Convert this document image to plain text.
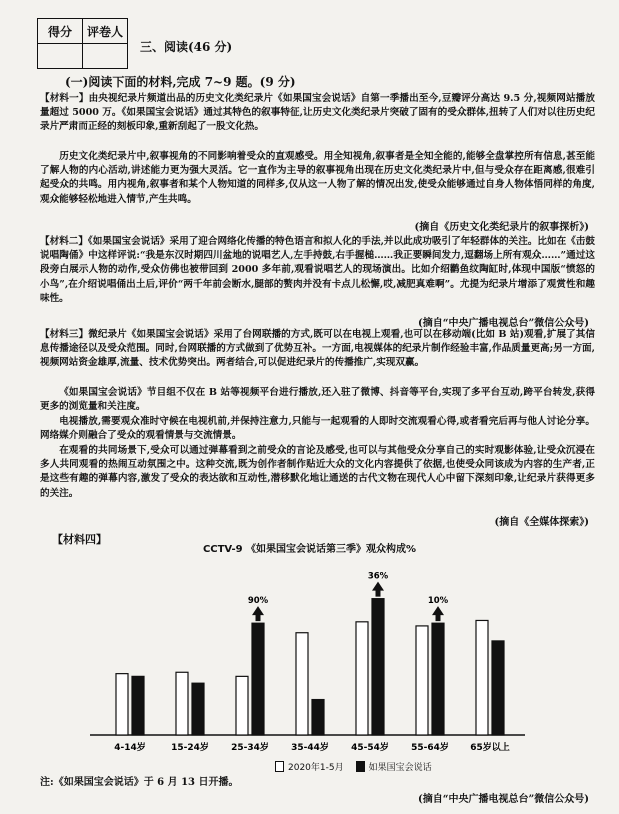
得分	评卷人

三、阅读(46 分)
(一)阅读下面的材料,完成 7~9 题。(9 分)

【材料一】由央视纪录片频道出品的历史文化类纪录片《如果国宝会说话》自第一季播出至今,豆瓣评分高达 9.5 分,视频网站播放量超过 5000 万。《如果国宝会说话》通过其特色的叙事特征,让历史文化类纪录片突破了固有的受众群体,扭转了人们对以往历史纪录片严肃而正经的刻板印象,重新刮起了一股文化热。

历史文化类纪录片中,叙事视角的不同影响着受众的直观感受。用全知视角,叙事者是全知全能的,能够全盘掌控所有信息,甚至能了解人物的内心活动,讲述能力更为强大灵活。它一直作为主导的叙事视角出现在历史文化类纪录片中,但与受众存在距离感,很难引起受众的共鸣。用内视角,叙事者和某个人物知道的同样多,仅从这一人物了解的情况出发,使受众能够通过自身人物体悟同样的角度,观众能够轻松地进入情节,产生共鸣。

(摘自《历史文化类纪录片的叙事探析》)

【材料二】《如果国宝会说话》采用了迎合网络化传播的特色语言和拟人化的手法,并以此成功吸引了年轻群体的关注。比如在《击鼓说唱陶俑》中这样评说:“我是东汉时期四川盆地的说唱艺人,左手持鼓,右手握槌……我正要瞬间发力,逗翻场上所有观众……”通过这段旁白展示人物的动作,受众仿佛也被带回到 2000 多年前,观看说唱艺人的现场演出。比如介绍鹳鱼纹陶缸时,体现中国版“愤怒的小鸟”,在介绍说唱俑出土后,评价“两千年前会断水,腿部的赘肉并没有卡点儿松懈,哎,减肥真难啊”。尤提为纪录片增添了观赏性和趣味性。

(摘自“中央广播电视总台”微信公众号)

【材料三】微纪录片《如果国宝会说话》采用了台网联播的方式,既可以在电视上观看,也可以在移动端(比如 B 站)观看,扩展了其信息传播途径以及受众范围。同时,台网联播的方式做到了优势互补。一方面,电视媒体的纪录片制作经验丰富,作品质量更高;另一方面,视频网站资金雄厚,流量、技术优势突出。两者结合,可以促进纪录片的传播推广,实现双赢。

《如果国宝会说话》节目组不仅在 B 站等视频平台进行播放,还入驻了微博、抖音等平台,实现了多平台互动,跨平台转发,获得更多的浏览量和关注度。

电视播放,需要观众准时守候在电视机前,并保持注意力,只能与一起观看的人即时交流观看心得,或者看完后再与他人讨论分享。网络媒介则融合了受众的观看情景与交流情景。

在观看的共同场景下,受众可以通过弹幕看到之前受众的言论及感受,也可以与其他受众分享自己的实时观影体验,让受众沉浸在多人共同观看的热闹互动氛围之中。这种交流,既为创作者制作贴近大众的文化内容提供了依据,也使受众同该成为内容的生产者,正是这些有趣的弹幕内容,激发了受众的表达欲和互动性,潜移默化地让通送的古代文物在现代人心中留下深刻印象,让纪录片获得更多的关注。

(摘自《全媒体探索》)
【材料四】
CCTV-9 《如果国宝会说话第三季》观众构成%
4-14岁	15-24岁 25-34岁 35-44岁 45-54岁 55-64岁 65岁以上
90%
36%
10%
2020年1-5月	如果国宝会说话
注:《如果国宝会说话》于 6 月 13 日开播。
(摘自“中央广播电视总台”微信公众号)
